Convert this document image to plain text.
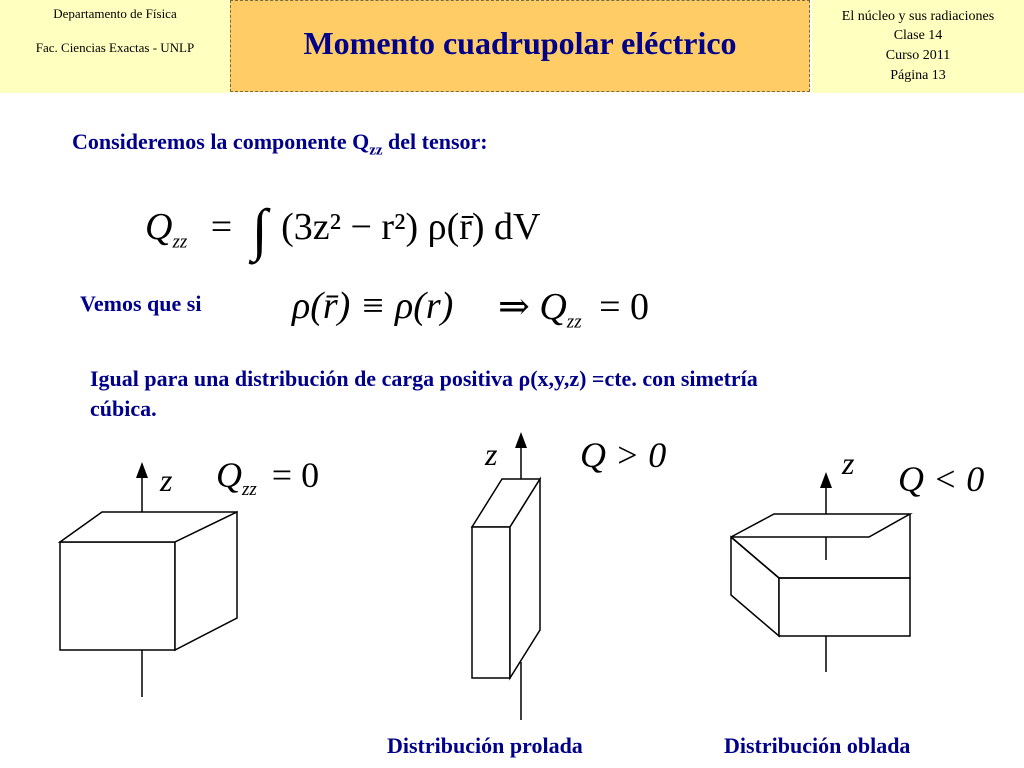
Departamento de Física
Fac. Ciencias Exactas - UNLP	Momento cuadrupolar eléctrico
El núcleo y sus radiaciones
Clase 14
Curso 2011
Página 13
Consideremos la componente $Q_{zz}$ del tensor:
$Q_{zz}$ = ∫ (3z² − r²) ρ(r̄) dV
Vemos que si ρ(r̄) ≡ ρ(r) ⇒ $Q_{zz} = 0$
Igual para una distribución de carga positiva ρ(x,y,z) =cte. con simetría
cúbica.
z $Q_{zz} = 0$
z Q > 0	z Q < 0
Distribución prolada	Distribución oblada
